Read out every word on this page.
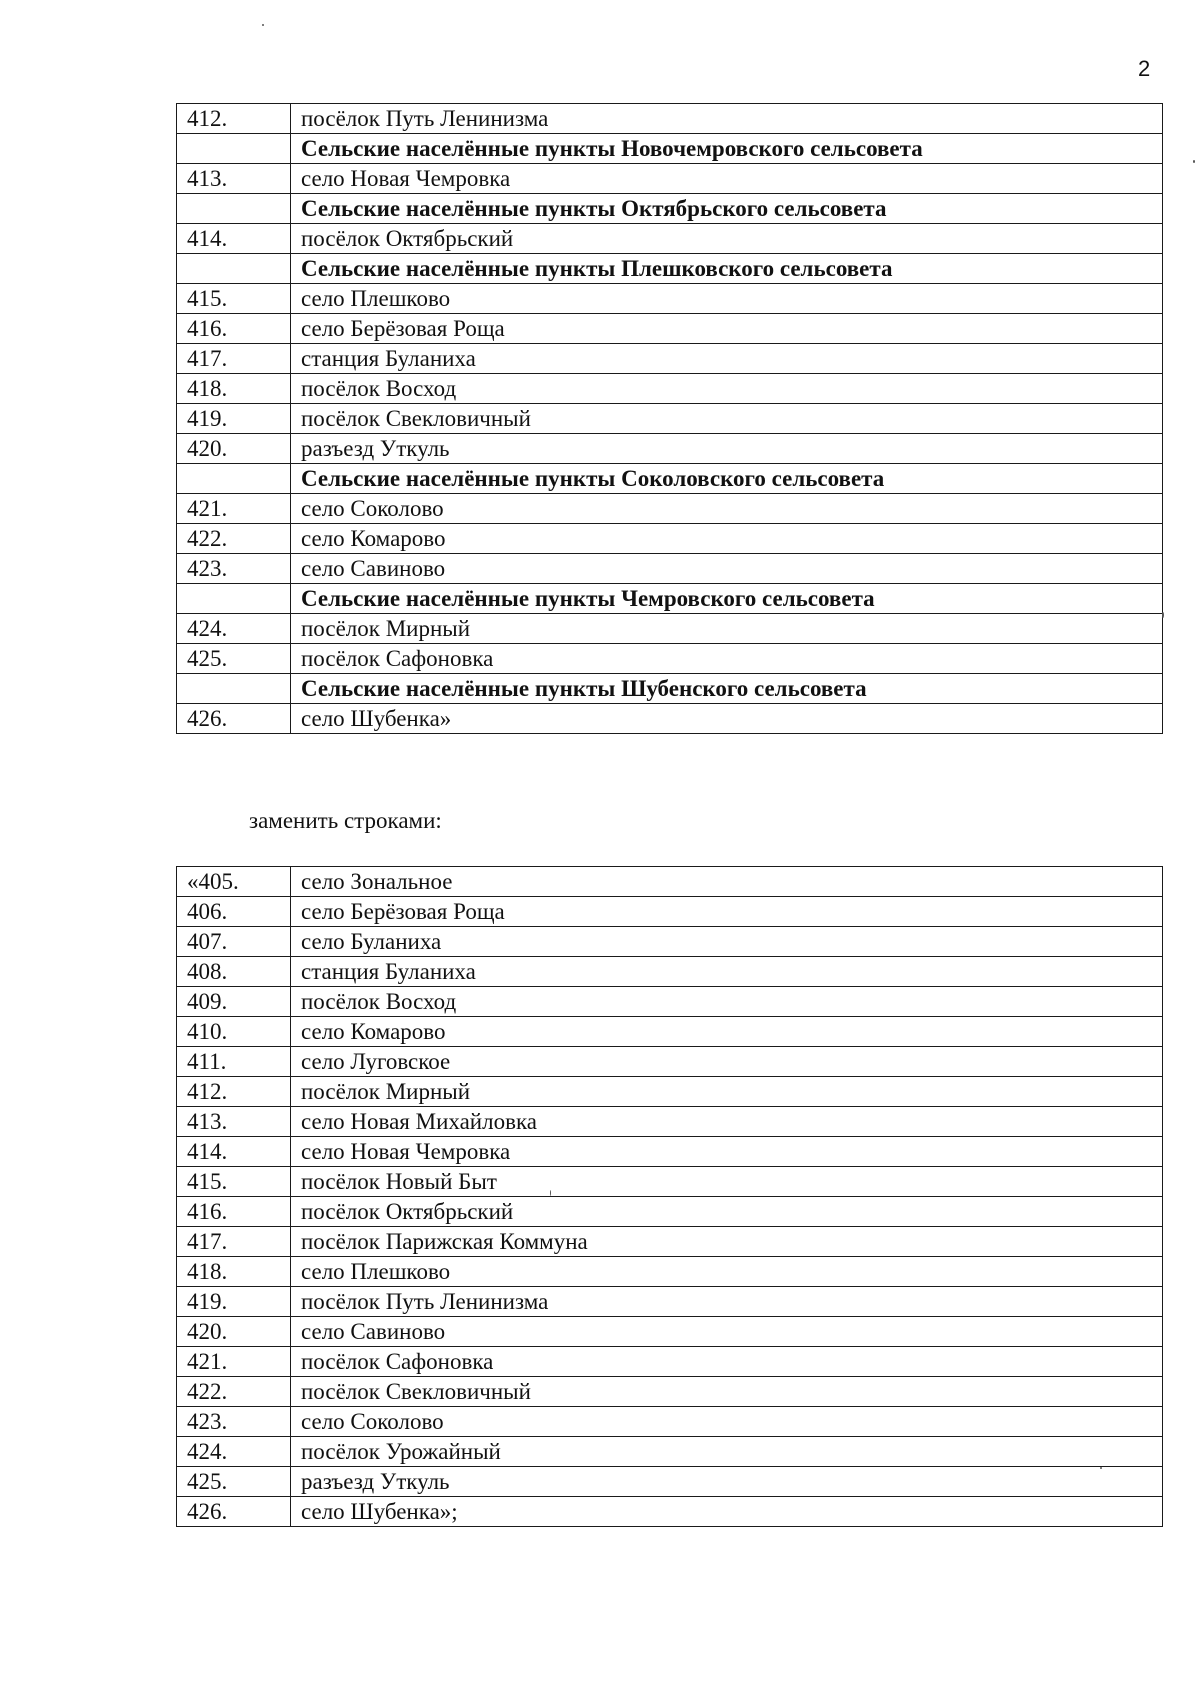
2
412.	посёлок Путь Ленинизма
	Сельские населённые пункты Новочемровского сельсовета
413.	село Новая Чемровка
	Сельские населённые пункты Октябрьского сельсовета
414.	посёлок Октябрьский
	Сельские населённые пункты Плешковского сельсовета
415.	село Плешково
416.	село Берёзовая Роща
417.	станция Буланиха
418.	посёлок Восход
419.	посёлок Свекловичный
420.	разъезд Уткуль
	Сельские населённые пункты Соколовского сельсовета
421.	село Соколово
422.	село Комарово
423.	село Савиново
	Сельские населённые пункты Чемровского сельсовета
424.	посёлок Мирный
425.	посёлок Сафоновка
	Сельские населённые пункты Шубенского сельсовета
426.	село Шубенка»
заменить строками:
«405.	село Зональное
406.	село Берёзовая Роща
407.	село Буланиха
408.	станция Буланиха
409.	посёлок Восход
410.	село Комарово
411.	село Луговское
412.	посёлок Мирный
413.	село Новая Михайловка
414.	село Новая Чемровка
415.	посёлок Новый Быт
416.	посёлок Октябрьский
417.	посёлок Парижская Коммуна
418.	село Плешково
419.	посёлок Путь Ленинизма
420.	село Савиново
421.	посёлок Сафоновка
422.	посёлок Свекловичный
423.	село Соколово
424.	посёлок Урожайный
425.	разъезд Уткуль
426.	село Шубенка»;
